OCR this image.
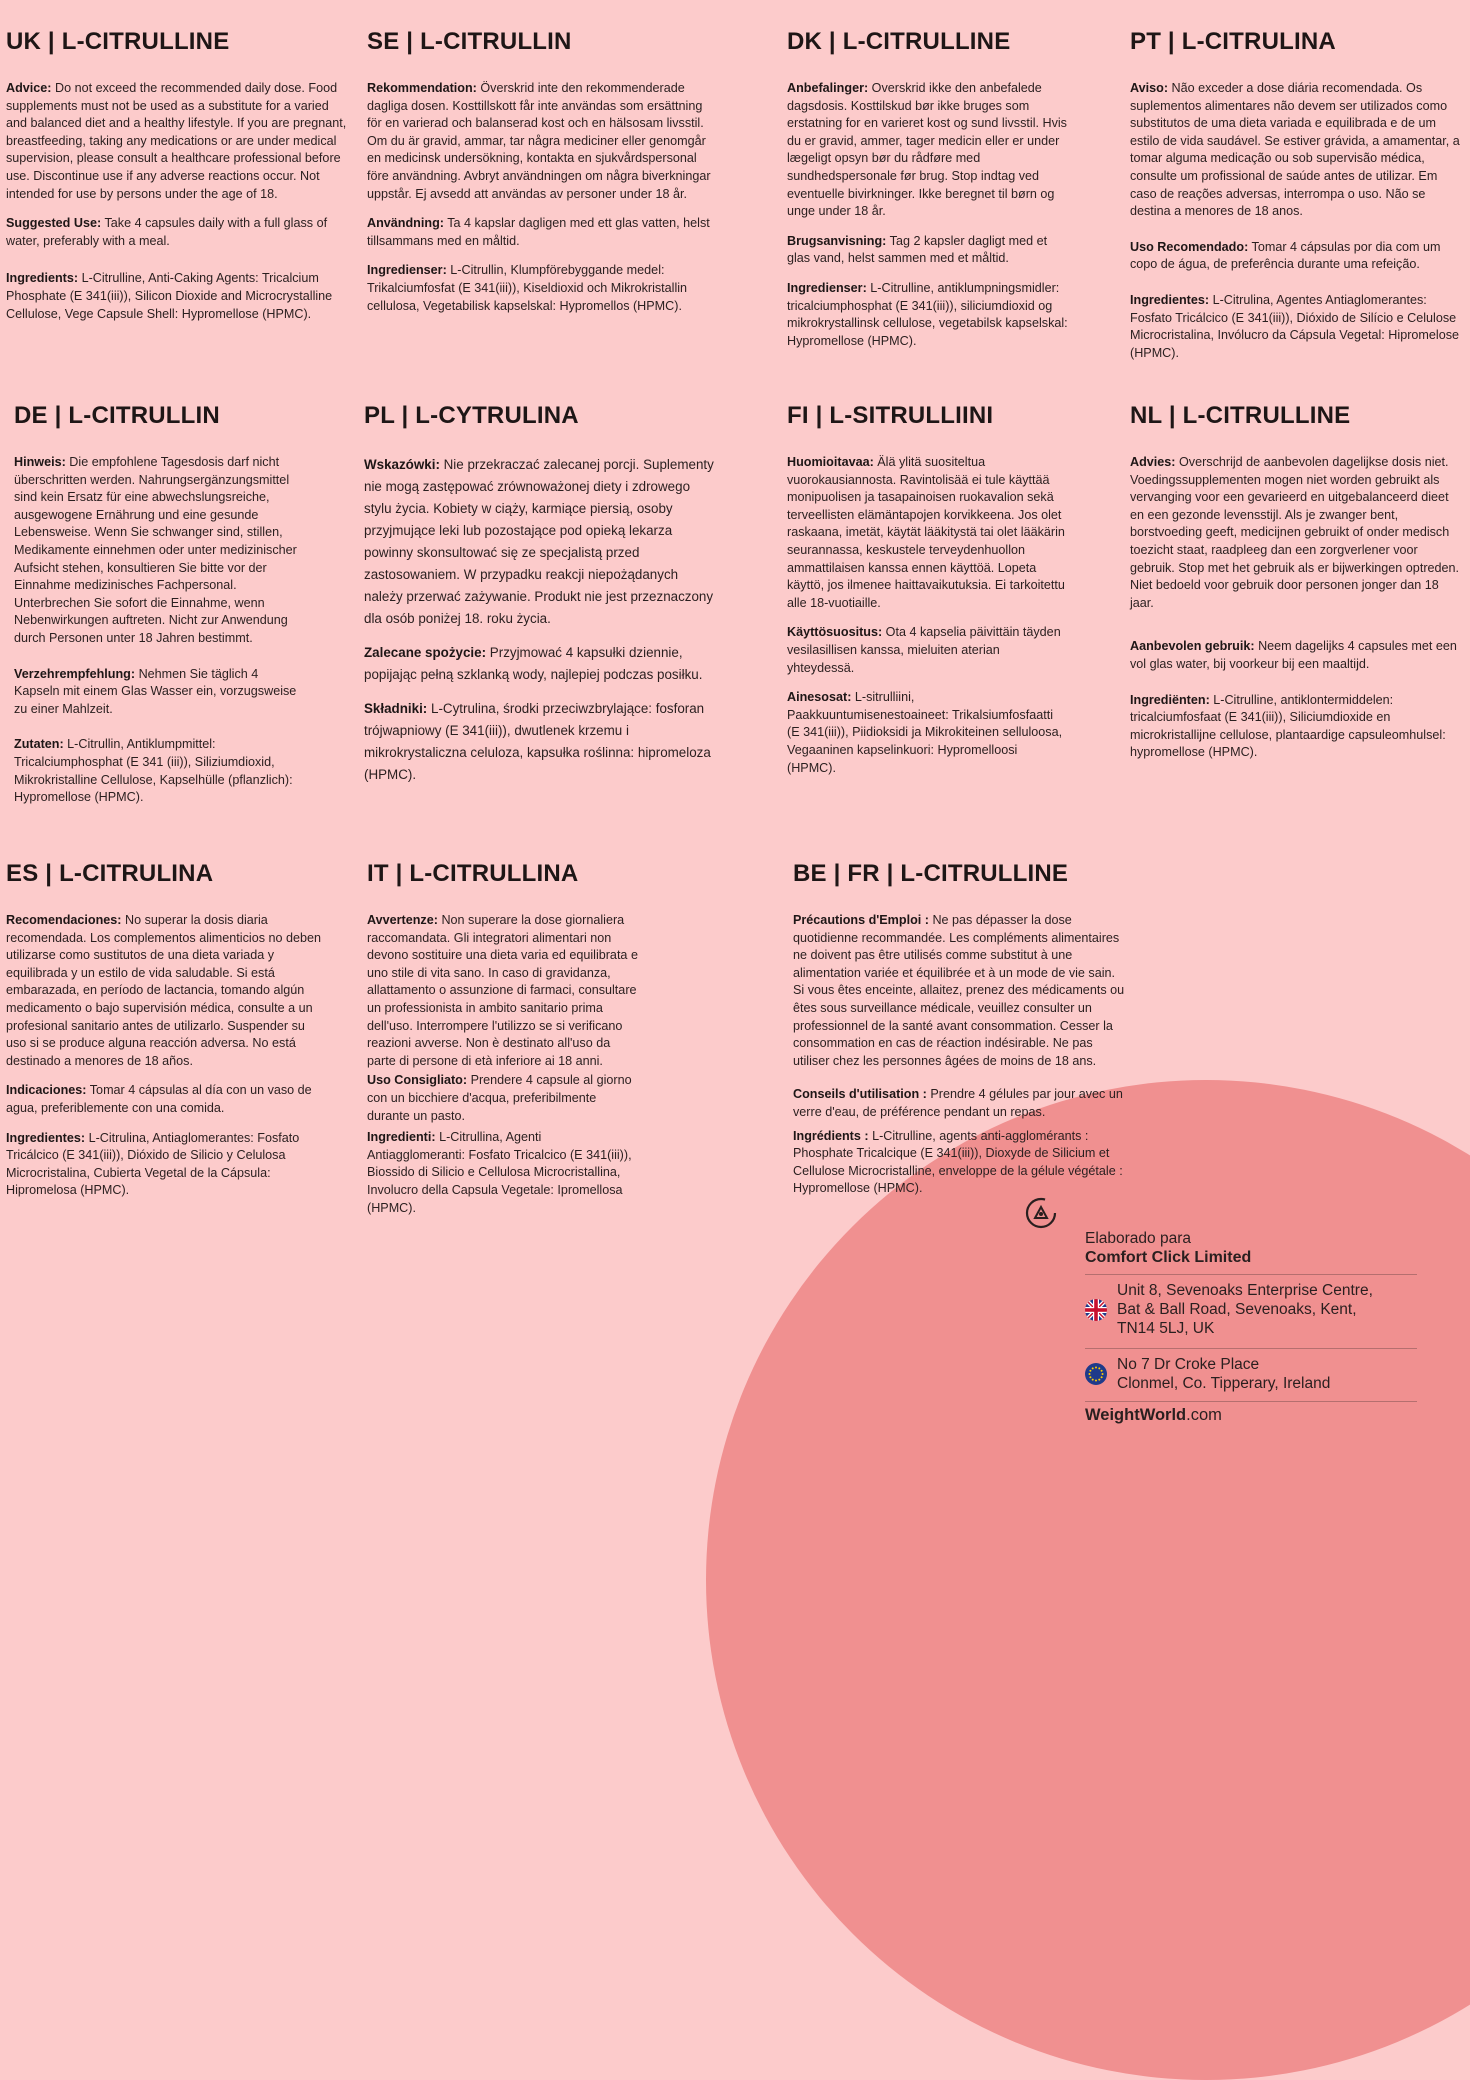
UK | L-CITRULLINE

Advice: Do not exceed the recommended daily dose. Food supplements must not be used as a substitute for a varied and balanced diet and a healthy lifestyle. If you are pregnant, breastfeeding, taking any medications or are under medical supervision, please consult a healthcare professional before use. Discontinue use if any adverse reactions occur. Not intended for use by persons under the age of 18.

Suggested Use: Take 4 capsules daily with a full glass of water, preferably with a meal.

Ingredients: L-Citrulline, Anti-Caking Agents: Tricalcium Phosphate (E 341(iii)), Silicon Dioxide and Microcrystalline Cellulose, Vege Capsule Shell: Hypromellose (HPMC).

SE | L-CITRULLIN

Rekommendation: Överskrid inte den rekommenderade dagliga dosen. Kosttillskott får inte användas som ersättning för en varierad och balanserad kost och en hälsosam livsstil. Om du är gravid, ammar, tar några mediciner eller genomgår en medicinsk undersökning, kontakta en sjukvårdspersonal före användning. Avbryt användningen om några biverkningar uppstår. Ej avsedd att användas av personer under 18 år.

Användning: Ta 4 kapslar dagligen med ett glas vatten, helst tillsammans med en måltid.

Ingredienser: L-Citrullin, Klumpförebyggande medel: Trikalciumfosfat (E 341(iii)), Kiseldioxid och Mikrokristallin cellulosa, Vegetabilisk kapselskal: Hypromellos (HPMC).

DK | L-CITRULLINE

Anbefalinger: Overskrid ikke den anbefalede dagsdosis. Kosttilskud bør ikke bruges som erstatning for en varieret kost og sund livsstil. Hvis du er gravid, ammer, tager medicin eller er under lægeligt opsyn bør du rådføre med sundhedspersonale før brug. Stop indtag ved eventuelle bivirkninger. Ikke beregnet til børn og unge under 18 år.

Brugsanvisning: Tag 2 kapsler dagligt med et glas vand, helst sammen med et måltid.

Ingredienser: L-Citrulline, antiklumpningsmidler: tricalciumphosphat (E 341(iii)), siliciumdioxid og mikrokrystallinsk cellulose, vegetabilsk kapselskal: Hypromellose (HPMC).

PT | L-CITRULINA

Aviso: Não exceder a dose diária recomendada. Os suplementos alimentares não devem ser utilizados como substitutos de uma dieta variada e equilibrada e de um estilo de vida saudável. Se estiver grávida, a amamentar, a tomar alguma medicação ou sob supervisão médica, consulte um profissional de saúde antes de utilizar. Em caso de reações adversas, interrompa o uso. Não se destina a menores de 18 anos.

Uso Recomendado: Tomar 4 cápsulas por dia com um copo de água, de preferência durante uma refeição.

Ingredientes: L-Citrulina, Agentes Antiaglomerantes: Fosfato Tricálcico (E 341(iii)), Dióxido de Silício e Celulose Microcristalina, Invólucro da Cápsula Vegetal: Hipromelose (HPMC).

DE | L-CITRULLIN

Hinweis: Die empfohlene Tagesdosis darf nicht überschritten werden. Nahrungsergänzungsmittel sind kein Ersatz für eine abwechslungsreiche, ausgewogene Ernährung und eine gesunde Lebensweise. Wenn Sie schwanger sind, stillen, Medikamente einnehmen oder unter medizinischer Aufsicht stehen, konsultieren Sie bitte vor der Einnahme medizinisches Fachpersonal. Unterbrechen Sie sofort die Einnahme, wenn Nebenwirkungen auftreten. Nicht zur Anwendung durch Personen unter 18 Jahren bestimmt.

Verzehrempfehlung: Nehmen Sie täglich 4 Kapseln mit einem Glas Wasser ein, vorzugsweise zu einer Mahlzeit.

Zutaten: L-Citrullin, Antiklumpmittel: Tricalciumphosphat (E 341 (iii)), Siliziumdioxid, Mikrokristalline Cellulose, Kapselhülle (pflanzlich): Hypromellose (HPMC).

PL | L-CYTRULINA

Wskazówki: Nie przekraczać zalecanej porcji. Suplementy nie mogą zastępować zrównoważonej diety i zdrowego stylu życia. Kobiety w ciąży, karmiące piersią, osoby przyjmujące leki lub pozostające pod opieką lekarza powinny skonsultować się ze specjalistą przed zastosowaniem. W przypadku reakcji niepożądanych należy przerwać zażywanie. Produkt nie jest przeznaczony dla osób poniżej 18. roku życia.

Zalecane spożycie: Przyjmować 4 kapsułki dziennie, popijając pełną szklanką wody, najlepiej podczas posiłku.

Składniki: L-Cytrulina, środki przeciwzbrylające: fosforan trójwapniowy (E 341(iii)), dwutlenek krzemu i mikrokrystaliczna celuloza, kapsułka roślinna: hipromeloza (HPMC).

FI | L-SITRULLIINI

Huomioitavaa: Älä ylitä suositeltua vuorokausiannosta. Ravintolisää ei tule käyttää monipuolisen ja tasapainoisen ruokavalion sekä terveellisten elämäntapojen korvikkeena. Jos olet raskaana, imetät, käytät lääkitystä tai olet lääkärin seurannassa, keskustele terveydenhuollon ammattilaisen kanssa ennen käyttöä. Lopeta käyttö, jos ilmenee haittavaikutuksia. Ei tarkoitettu alle 18-vuotiaille.

Käyttösuositus: Ota 4 kapselia päivittäin täyden vesilasillisen kanssa, mieluiten aterian yhteydessä.

Ainesosat: L-sitrulliini, Paakkuuntumisenestoaineet: Trikalsiumfosfaatti (E 341(iii)), Piidioksidi ja Mikrokiteinen selluloosa, Vegaaninen kapselinkuori: Hypromelloosi (HPMC).

NL | L-CITRULLINE

Advies: Overschrijd de aanbevolen dagelijkse dosis niet. Voedingssupplementen mogen niet worden gebruikt als vervanging voor een gevarieerd en uitgebalanceerd dieet en een gezonde levensstijl. Als je zwanger bent, borstvoeding geeft, medicijnen gebruikt of onder medisch toezicht staat, raadpleeg dan een zorgverlener voor gebruik. Stop met het gebruik als er bijwerkingen optreden. Niet bedoeld voor gebruik door personen jonger dan 18 jaar.

Aanbevolen gebruik: Neem dagelijks 4 capsules met een vol glas water, bij voorkeur bij een maaltijd.

Ingrediënten: L-Citrulline, antiklontermiddelen: tricalciumfosfaat (E 341(iii)), Siliciumdioxide en microkristallijne cellulose, plantaardige capsuleomhulsel: hypromellose (HPMC).

ES | L-CITRULINA

Recomendaciones: No superar la dosis diaria recomendada. Los complementos alimenticios no deben utilizarse como sustitutos de una dieta variada y equilibrada y un estilo de vida saludable. Si está embarazada, en período de lactancia, tomando algún medicamento o bajo supervisión médica, consulte a un profesional sanitario antes de utilizarlo. Suspender su uso si se produce alguna reacción adversa. No está destinado a menores de 18 años.

Indicaciones: Tomar 4 cápsulas al día con un vaso de agua, preferiblemente con una comida.

Ingredientes: L-Citrulina, Antiaglomerantes: Fosfato Tricálcico (E 341(iii)), Dióxido de Silicio y Celulosa Microcristalina, Cubierta Vegetal de la Cápsula: Hipromelosa (HPMC).

IT | L-CITRULLINA

Avvertenze: Non superare la dose giornaliera raccomandata. Gli integratori alimentari non devono sostituire una dieta varia ed equilibrata e uno stile di vita sano. In caso di gravidanza, allattamento o assunzione di farmaci, consultare un professionista in ambito sanitario prima dell'uso. Interrompere l'utilizzo se si verificano reazioni avverse. Non è destinato all'uso da parte di persone di età inferiore ai 18 anni.

Uso Consigliato: Prendere 4 capsule al giorno con un bicchiere d'acqua, preferibilmente durante un pasto.

Ingredienti: L-Citrullina, Agenti Antiagglomeranti: Fosfato Tricalcico (E 341(iii)), Biossido di Silicio e Cellulosa Microcristallina, Involucro della Capsula Vegetale: Ipromellosa (HPMC).

BE | FR | L-CITRULLINE

Précautions d'Emploi : Ne pas dépasser la dose quotidienne recommandée. Les compléments alimentaires ne doivent pas être utilisés comme substitut à une alimentation variée et équilibrée et à un mode de vie sain. Si vous êtes enceinte, allaitez, prenez des médicaments ou êtes sous surveillance médicale, veuillez consulter un professionnel de la santé avant consommation. Cesser la consommation en cas de réaction indésirable. Ne pas utiliser chez les personnes âgées de moins de 18 ans.

Conseils d'utilisation : Prendre 4 gélules par jour avec un verre d'eau, de préférence pendant un repas.

Ingrédients : L-Citrulline, agents anti-agglomérants : Phosphate Tricalcique (E 341(iii)), Dioxyde de Silicium et Cellulose Microcristalline, enveloppe de la gélule végétale : Hypromellose (HPMC).

Elaborado para
Comfort Click Limited
Unit 8, Sevenoaks Enterprise Centre,
Bat & Ball Road, Sevenoaks, Kent,
TN14 5LJ, UK
No 7 Dr Croke Place
Clonmel, Co. Tipperary, Ireland
WeightWorld.com
